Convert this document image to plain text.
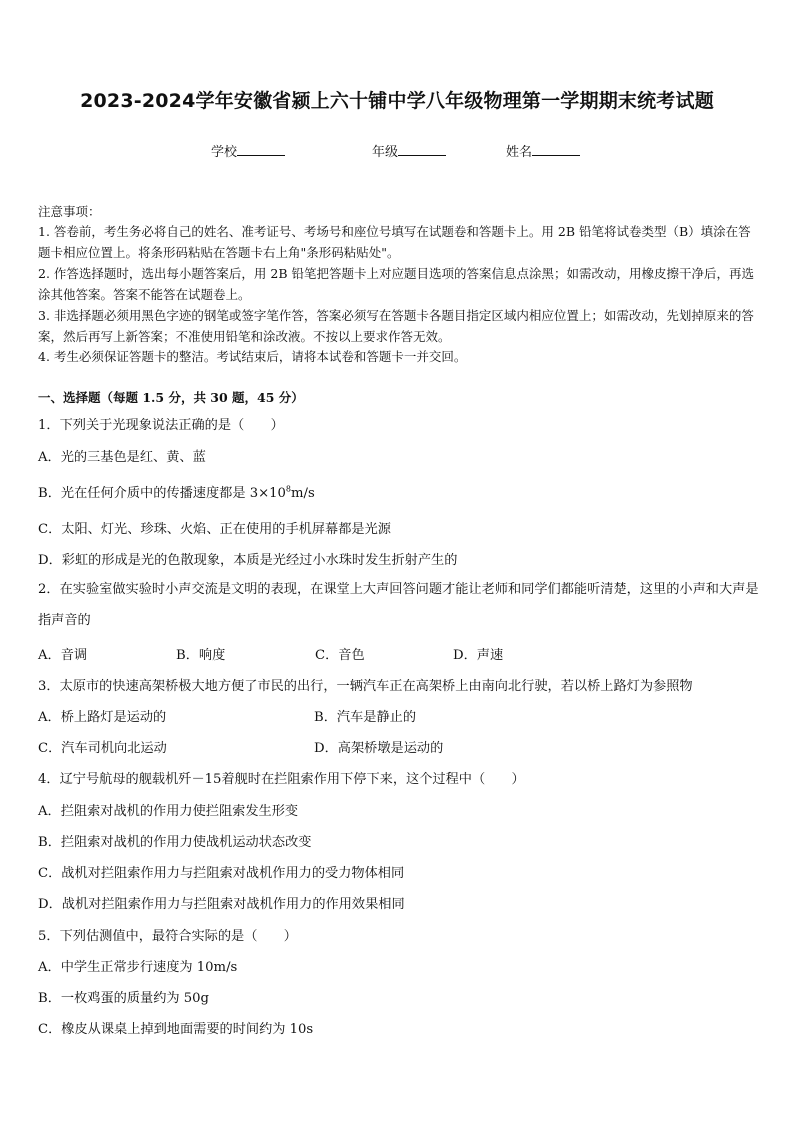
2023-2024学年安徽省颍上六十铺中学八年级物理第一学期期末统考试题
学校	年级	姓名
注意事项：
1. 答卷前，考生务必将自己的姓名、准考证号、考场号和座位号填写在试题卷和答题卡上。用 2B 铅笔将试卷类型（B）填涂在答题卡相应位置上。将条形码粘贴在答题卡右上角"条形码粘贴处"。
2. 作答选择题时，选出每小题答案后，用 2B 铅笔把答题卡上对应题目选项的答案信息点涂黑；如需改动，用橡皮擦干净后，再选涂其他答案。答案不能答在试题卷上。
3. 非选择题必须用黑色字迹的钢笔或签字笔作答，答案必须写在答题卡各题目指定区域内相应位置上；如需改动，先划掉原来的答案，然后再写上新答案；不准使用铅笔和涂改液。不按以上要求作答无效。
4. 考生必须保证答题卡的整洁。考试结束后，请将本试卷和答题卡一并交回。
一、选择题（每题 1.5 分，共 30 题，45 分）
1．下列关于光现象说法正确的是（　　）
A．光的三基色是红、黄、蓝
B．光在任何介质中的传播速度都是 $3\times 10^8m/s$
C．太阳、灯光、珍珠、火焰、正在使用的手机屏幕都是光源
D．彩虹的形成是光的色散现象，本质是光经过小水珠时发生折射产生的
2．在实验室做实验时小声交流是文明的表现，在课堂上大声回答问题才能让老师和同学们都能听清楚，这里的小声和大声是指声音的
A．音调	B．响度	C．音色	D．声速
3．太原市的快速高架桥极大地方便了市民的出行，一辆汽车正在高架桥上由南向北行驶，若以桥上路灯为参照物
A．桥上路灯是运动的	B．汽车是静止的
C．汽车司机向北运动	D．高架桥墩是运动的
4．辽宁号航母的舰载机歼－15着舰时在拦阻索作用下停下来，这个过程中（　　）
A．拦阻索对战机的作用力使拦阻索发生形变
B．拦阻索对战机的作用力使战机运动状态改变
C．战机对拦阻索作用力与拦阻索对战机作用力的受力物体相同
D．战机对拦阻索作用力与拦阻索对战机作用力的作用效果相同
5．下列估测值中，最符合实际的是（　　）
A．中学生正常步行速度为 10m/s
B．一枚鸡蛋的质量约为 50g
C．橡皮从课桌上掉到地面需要的时间约为 10s
